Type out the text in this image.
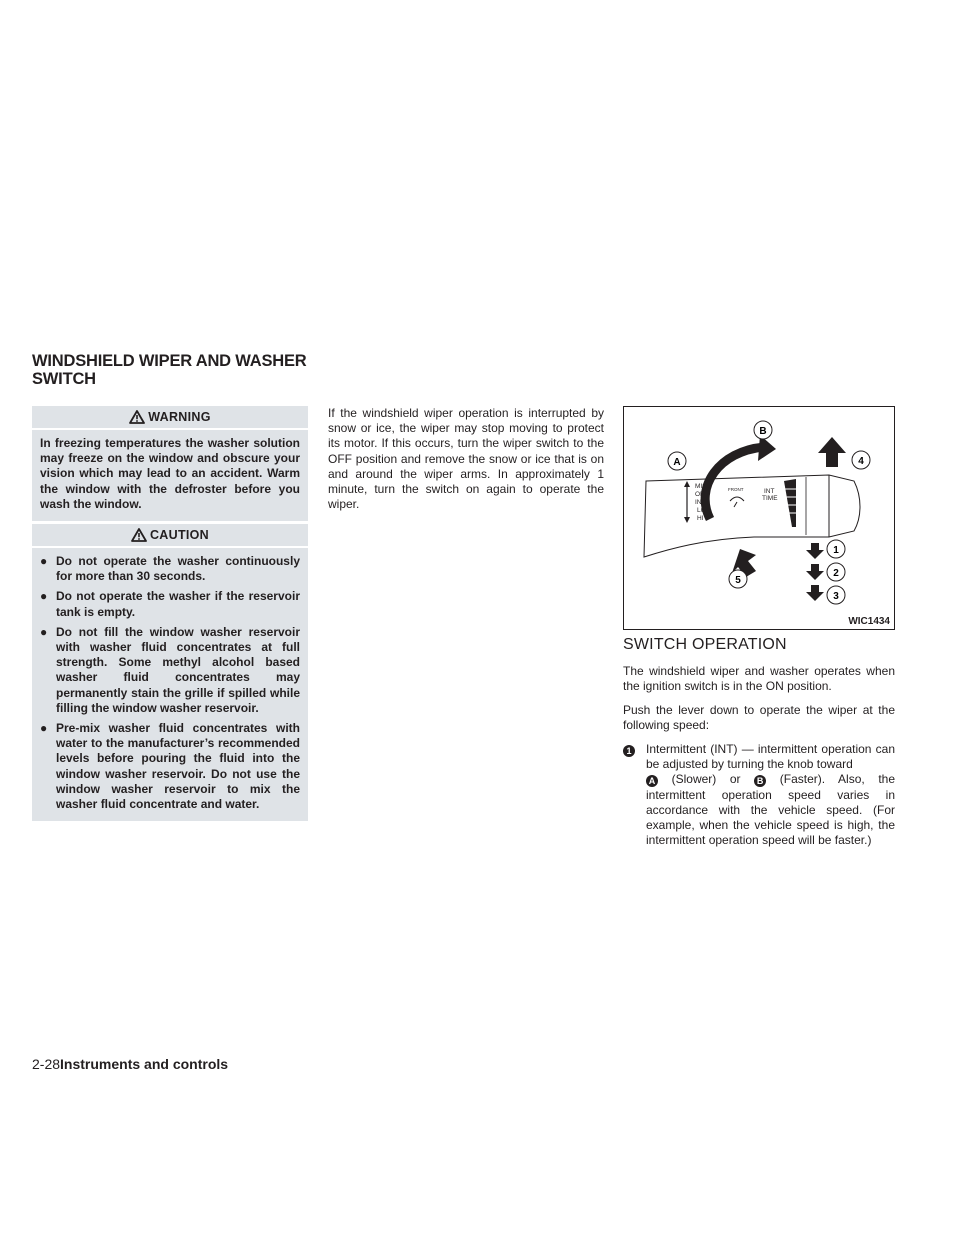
WINDSHIELD WIPER AND WASHER SWITCH
WARNING
In freezing temperatures the washer solution may freeze on the window and obscure your vision which may lead to an accident. Warm the window with the defroster before you wash the window.
CAUTION
● Do not operate the washer continuously for more than 30 seconds.
● Do not operate the washer if the reservoir tank is empty.
● Do not fill the window washer reservoir with washer fluid concentrates at full strength. Some methyl alcohol based washer fluid concentrates may permanently stain the grille if spilled while filling the window washer reservoir.
● Pre-mix washer fluid concentrates with water to the manufacturer’s recommended levels before pouring the fluid into the window washer reservoir. Do not use the window washer reservoir to mix the washer fluid concentrate and water.

If the windshield wiper operation is interrupted by snow or ice, the wiper may stop moving to protect its motor. If this occurs, turn the wiper switch to the OFF position and remove the snow or ice that is on and around the wiper arms. In approximately 1 minute, turn the switch on again to operate the wiper.

MIST
OFF
INT
LO
HI
FRONT	INT
TIME
A
B
4
5
1
2
3
WIC1434
SWITCH OPERATION

The windshield wiper and washer operates when the ignition switch is in the ON position.

Push the lever down to operate the wiper at the following speed:

1 Intermittent (INT) — intermittent operation can be adjusted by turning the knob toward
A (Slower) or B (Faster). Also, the intermittent operation speed varies in accordance with the vehicle speed. (For example, when the vehicle speed is high, the intermittent operation speed will be faster.)
2-28Instruments and controls
